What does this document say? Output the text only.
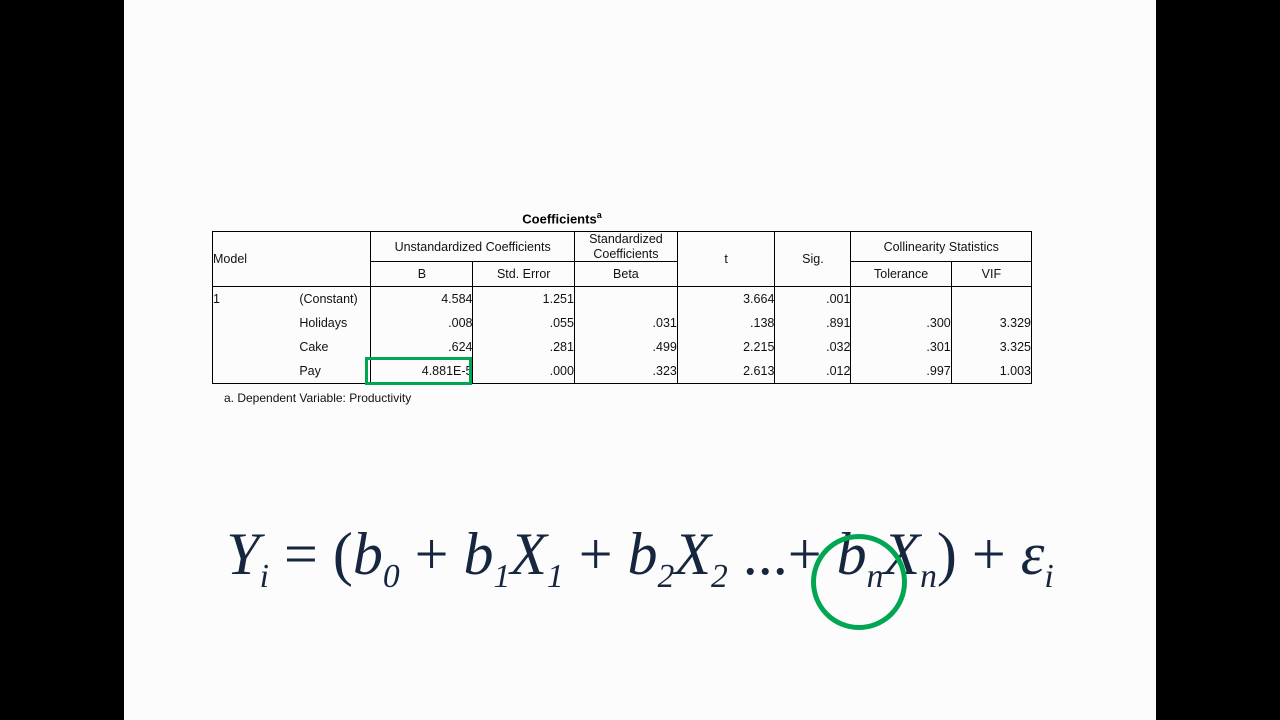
Coefficients$^a$
Model		Unstandardized Coefficients		Standardized Coefficients	t	Sig.	Collinearity Statistics	
		B	Std. Error	Beta			Tolerance	VIF
1	(Constant)	4.584	1.251		3.664	.001		
	Holidays	.008	.055	.031	.138	.891	.300	3.329
	Cake	.624	.281	.499	2.215	.032	.301	3.325
	Pay	4.881E-5	.000	.323	2.613	.012	.997	1.003
a. Dependent Variable: Productivity
$Y_i = (b_0 + b_1X_1 + b_2X_2$ ...+ $b_nX_n) + \varepsilon_i$
